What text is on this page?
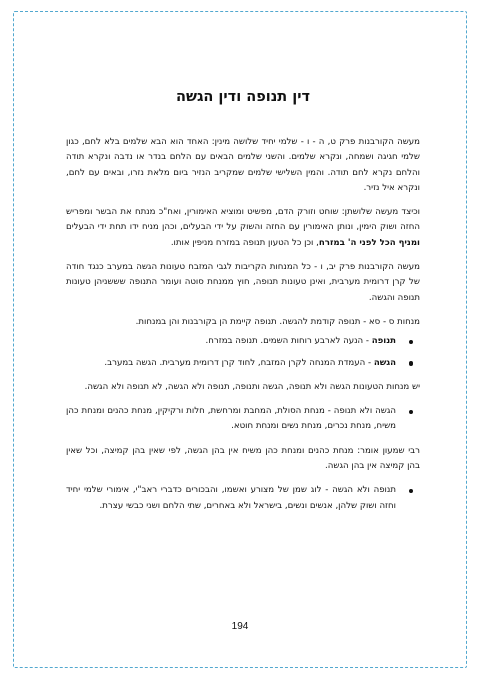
דין תנופה ודין הגשה

מעשה הקורבנות פרק ט, ה - ו - שלמי יחיד שלושה מינין: האחד הוא הבא שלמים בלא לחם, כגון שלמי חגיגה ושמחה, ונקרא שלמים. והשני שלמים הבאים עם הלחם בנדר או נדבה ונקרא תודה והלחם נקרא לחם תודה. והמין השלישי שלמים שמקריב הנזיר ביום מלאת נזרו, ובאים עם לחם, ונקרא איל נזיר.

וכיצד מעשה שלושתן: שוחט וזורק הדם, מפשיט ומוציא האימורין, ואח"כ מנתח את הבשר ומפריש החזה ושוק הימין, ונותן האימורין עם החזה והשוק על ידי הבעלים, וכהן מניח ידו תחת ידי הבעלים ומניף הכל לפני ה' במזרח, וכן כל הטעון תנופה במזרח מניפין אותו.

מעשה הקורבנות פרק יב, ו - כל המנחות הקריבות לגבי המזבח טעונות הגשה במערב כנגד חודה של קרן דרומית מערבית, ואינן טעונות תנופה, חוץ ממנחת סוטה ועומר התנופה שששניהן טעונות תנופה והגשה.

מנחות ס - סא - תנופה קודמת להגשה. תנופה קיימת הן בקורבנות והן במנחות.

תנופה - הנעה לארבע רוחות השמים. תנופה במזרח.
הגשה - העמדת המנחה לקרן המזבח, לחוד קרן דרומית מערבית. הגשה במערב.

יש מנחות הטעונות הגשה ולא תנופה, הגשה ותנופה, תנופה ולא הגשה, לא תנופה ולא הגשה.

הגשה ולא תנופה - מנחת הסולת, המחבת ומרחשת, חלות ורקיקין, מנחת כהנים ומנחת כהן משיח, מנחת נכרים, מנחת נשים ומנחת חוטא.

רבי שמעון אומר: מנחת כהנים ומנחת כהן משיח אין בהן הגשה, לפי שאין בהן קמיצה, וכל שאין בהן קמיצה אין בהן הגשה.

תנופה ולא הגשה - לוג שמן של מצורע ואשמו, והבכורים כדברי ראב"י, אימורי שלמי יחיד וחזה ושוק שלהן, אנשים ונשים, בישראל ולא באחרים, שתי הלחם ושני כבשי עצרת.
194
